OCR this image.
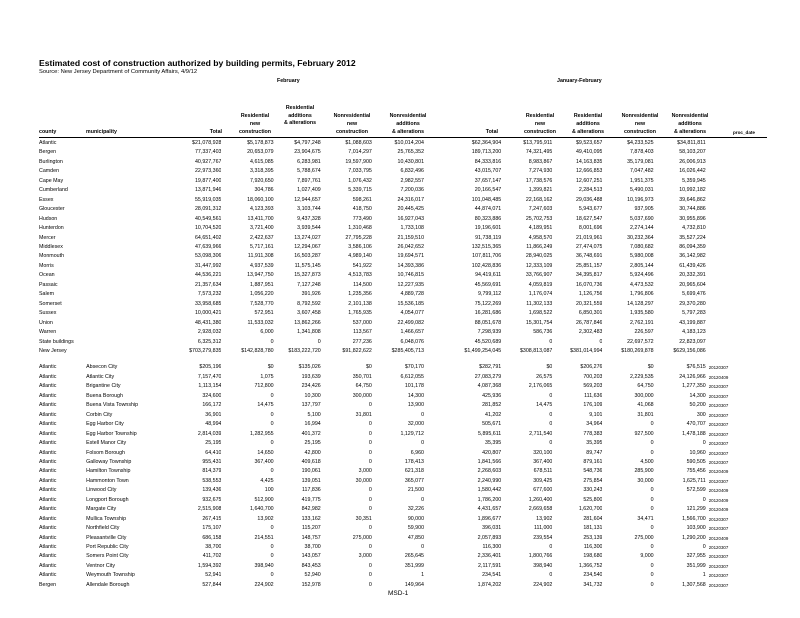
Estimated cost of construction authorized by building permits, February 2012
Source: New Jersey Department of Community Affairs, 4/9/12
February	January-February
county	municipality	Total
Residential
new
construction
Residential
additions
& alterations
Nonresidential
new
construction
Nonresidential
additions
& alterations	Total
Residential
new
construction
Residential
additions
& alterations
Nonresidential
new
construction
Nonresidential
additions
& alterations	proc_date
Atlantic		$21,078,928	$5,178,873	$4,797,248	$1,088,603	$10,014,204	$62,364,904	$13,795,911	$9,523,657	$4,233,525	$34,811,811	
Bergen		77,337,403	20,653,079	23,904,675	7,014,297	25,765,352	189,713,200	74,321,495	49,410,095	7,878,403	58,103,207	
Burlington		40,927,767	4,615,085	6,283,981	19,597,900	10,430,801	84,333,816	8,983,867	14,163,835	35,179,081	26,006,913	
Camden		22,973,360	3,318,395	5,788,674	7,033,795	6,832,496	43,015,707	7,274,930	12,666,853	7,047,482	16,026,442	
Cape May		19,877,400	7,920,650	7,897,761	1,076,432	2,982,557	37,657,147	17,738,576	12,607,251	1,951,375	5,359,945	
Cumberland		13,871,946	304,786	1,027,409	5,339,715	7,200,036	20,166,547	1,399,821	2,284,513	5,490,031	10,992,182	
Essex		55,919,035	18,060,100	12,944,657	598,261	24,316,017	101,048,485	22,168,162	29,036,488	10,196,973	39,646,862	
Gloucester		28,091,312	4,123,393	3,103,744	418,750	20,445,425	44,874,071	7,247,603	5,943,677	937,905	30,744,886	
Hudson		40,549,561	13,411,700	9,437,328	773,490	16,927,043	80,323,886	25,702,753	18,627,547	5,037,690	30,955,896	
Hunterdon		10,704,520	3,721,400	3,939,544	1,310,468	1,733,108	19,196,601	4,189,951	8,001,696	2,274,144	4,732,810	
Mercer		64,651,402	2,422,637	13,274,027	27,795,228	21,159,510	91,738,119	4,958,570	21,019,961	30,232,364	35,527,224	
Middlesex		47,639,966	5,717,161	12,294,067	3,586,106	26,042,652	132,515,365	11,866,249	27,474,075	7,080,682	86,094,359	
Monmouth		53,098,306	11,911,308	16,503,287	4,989,140	19,694,571	107,811,706	28,940,025	36,748,691	5,980,008	36,142,982	
Morris		31,447,992	4,937,539	11,575,145	541,922	14,393,386	102,428,836	12,333,109	25,851,157	2,805,144	61,439,426	
Ocean		44,536,221	13,947,750	15,327,873	4,513,783	10,746,815	94,419,611	33,766,907	34,395,817	5,924,496	20,332,391	
Passaic		21,357,634	1,887,951	7,127,248	114,500	12,227,935	45,569,691	4,059,819	16,070,736	4,473,532	20,965,604	
Salem		7,573,232	1,056,220	391,926	1,235,356	4,889,728	9,799,112	1,176,074	1,126,756	1,796,806	5,699,476	
Somerset		33,958,685	7,528,770	8,792,592	2,101,138	15,536,185	75,122,269	11,302,133	20,321,559	14,128,297	29,370,280	
Sussex		10,000,421	572,951	3,607,458	1,765,935	4,054,077	16,281,686	1,698,522	6,850,301	1,935,580	5,797,283	
Union		48,431,380	11,533,032	13,862,266	537,000	22,499,082	88,051,678	15,301,754	26,787,846	2,762,191	43,199,887	
Warren		2,928,032	6,000	1,341,808	113,567	1,466,657	7,298,939	586,736	2,302,483	226,597	4,183,123	
State buildings		6,325,312	0	0	277,236	6,048,076	45,520,689	0	0	22,697,572	22,823,097	
New Jersey		$703,279,835	$142,828,780	$183,222,720	$91,822,622	$285,405,713	$1,499,254,045	$308,813,087	$381,014,994	$180,269,878	$629,156,086	

Atlantic	Absecon City	$205,196	$0	$135,026	$0	$70,170	$282,791	$0	$206,276	$0	$76,515	20120307
Atlantic	Atlantic City	7,157,470	1,075	193,639	350,701	6,612,055	27,083,279	26,575	700,203	2,229,535	24,126,966	20120409
Atlantic	Brigantine City	1,113,154	712,800	234,426	64,750	101,178	4,087,368	2,176,065	569,203	64,750	1,277,350	20120307
Atlantic	Buena Borough	324,600	0	10,300	300,000	14,300	425,936	0	111,636	300,000	14,300	20120307
Atlantic	Buena Vista Township	166,172	14,475	137,797	0	13,900	281,852	14,475	176,109	41,068	50,200	20120307
Atlantic	Corbin City	36,901	0	5,100	31,801	0	41,202	0	9,101	31,801	300	20120307
Atlantic	Egg Harbor City	48,994	0	16,994	0	32,000	505,671	0	34,964	0	470,707	20120307
Atlantic	Egg Harbor Township	2,814,039	1,282,955	401,372	0	1,129,712	5,895,611	2,711,540	778,383	927,500	1,478,188	20120307
Atlantic	Estell Manor City	25,195	0	25,195	0	0	35,395	0	35,395	0	0	20120307
Atlantic	Folsom Borough	64,410	14,650	42,800	0	6,960	420,807	320,100	89,747	0	10,960	20120307
Atlantic	Galloway Township	955,431	367,400	409,618	0	178,413	1,841,566	367,400	879,161	4,500	590,505	20120307
Atlantic	Hamilton Township	814,379	0	190,061	3,000	621,318	2,268,603	678,511	548,736	285,900	755,456	20120409
Atlantic	Hammonton Town	538,553	4,425	139,051	30,000	365,077	2,240,990	309,425	275,854	30,000	1,625,711	20120307
Atlantic	Linwood City	139,436	100	117,836	0	21,500	1,580,442	677,600	330,243	0	572,599	20120409
Atlantic	Longport Borough	932,675	512,900	419,775	0	0	1,786,200	1,260,400	525,800	0	0	20120409
Atlantic	Margate City	2,515,908	1,640,700	842,982	0	32,226	4,431,657	2,669,658	1,620,700	0	121,299	20120409
Atlantic	Mullica Township	267,415	13,902	133,162	30,351	90,000	1,896,677	13,902	281,604	34,471	1,566,700	20120307
Atlantic	Northfield City	175,107	0	115,207	0	59,900	396,031	111,000	181,131	0	103,900	20120307
Atlantic	Pleasantville City	686,158	214,551	148,757	275,000	47,850	2,057,893	239,554	253,139	275,000	1,290,200	20120409
Atlantic	Port Republic City	38,700	0	38,700	0	0	116,300	0	116,300	0	0	20120307
Atlantic	Somers Point City	411,702	0	143,057	3,000	265,645	2,336,401	1,800,766	198,680	9,000	327,955	20120307
Atlantic	Ventnor City	1,594,392	398,940	843,453	0	351,999	2,117,591	398,940	1,366,752	0	351,999	20120307
Atlantic	Weymouth Township	52,941	0	52,940	0	1	234,541	0	234,540	0	1	20120307
Bergen	Allendale Borough	527,844	224,902	152,978	0	149,964	1,874,202	224,902	341,732	0	1,307,568	20120307
MSD-1
